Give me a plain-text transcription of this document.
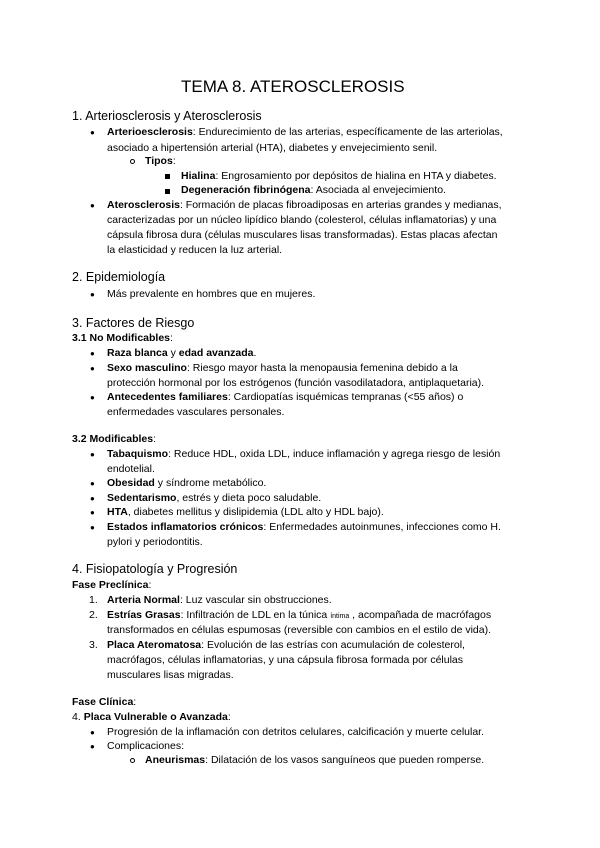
TEMA 8. ATEROSCLEROSIS
1. Arteriosclerosis y Aterosclerosis
● Arterioesclerosis: Endurecimiento de las arterias, específicamente de las arteriolas,
asociado a hipertensión arterial (HTA), diabetes y envejecimiento senil.
Tipos:
Hialina: Engrosamiento por depósitos de hialina en HTA y diabetes.
Degeneración fibrinógena: Asociada al envejecimiento.
● Aterosclerosis: Formación de placas fibroadiposas en arterias grandes y medianas,
caracterizadas por un núcleo lipídico blando (colesterol, células inflamatorias) y una
cápsula fibrosa dura (células musculares lisas transformadas). Estas placas afectan
la elasticidad y reducen la luz arterial.
2. Epidemiología
● Más prevalente en hombres que en mujeres.
3. Factores de Riesgo
3.1 No Modificables:
● Raza blanca y edad avanzada.
● Sexo masculino: Riesgo mayor hasta la menopausia femenina debido a la
protección hormonal por los estrógenos (función vasodilatadora, antiplaquetaria).
● Antecedentes familiares: Cardiopatías isquémicas tempranas (<55 años) o
enfermedades vasculares personales.
3.2 Modificables:
● Tabaquismo: Reduce HDL, oxida LDL, induce inflamación y agrega riesgo de lesión
endotelial.
● Obesidad y síndrome metabólico.
● Sedentarismo, estrés y dieta poco saludable.
● HTA, diabetes mellitus y dislipidemia (LDL alto y HDL bajo).
● Estados inflamatorios crónicos: Enfermedades autoinmunes, infecciones como H.
pylori y periodontitis.
4. Fisiopatología y Progresión
Fase Preclínica:
1. Arteria Normal: Luz vascular sin obstrucciones.
2. Estrías Grasas: Infiltración de LDL en la túnica íntima , acompañada de macrófagos
transformados en células espumosas (reversible con cambios en el estilo de vida).
3. Placa Ateromatosa: Evolución de las estrías con acumulación de colesterol,
macrófagos, células inflamatorias, y una cápsula fibrosa formada por células
musculares lisas migradas.
Fase Clínica:
4. Placa Vulnerable o Avanzada:
● Progresión de la inflamación con detritos celulares, calcificación y muerte celular.
● Complicaciones:
Aneurismas: Dilatación de los vasos sanguíneos que pueden romperse.
